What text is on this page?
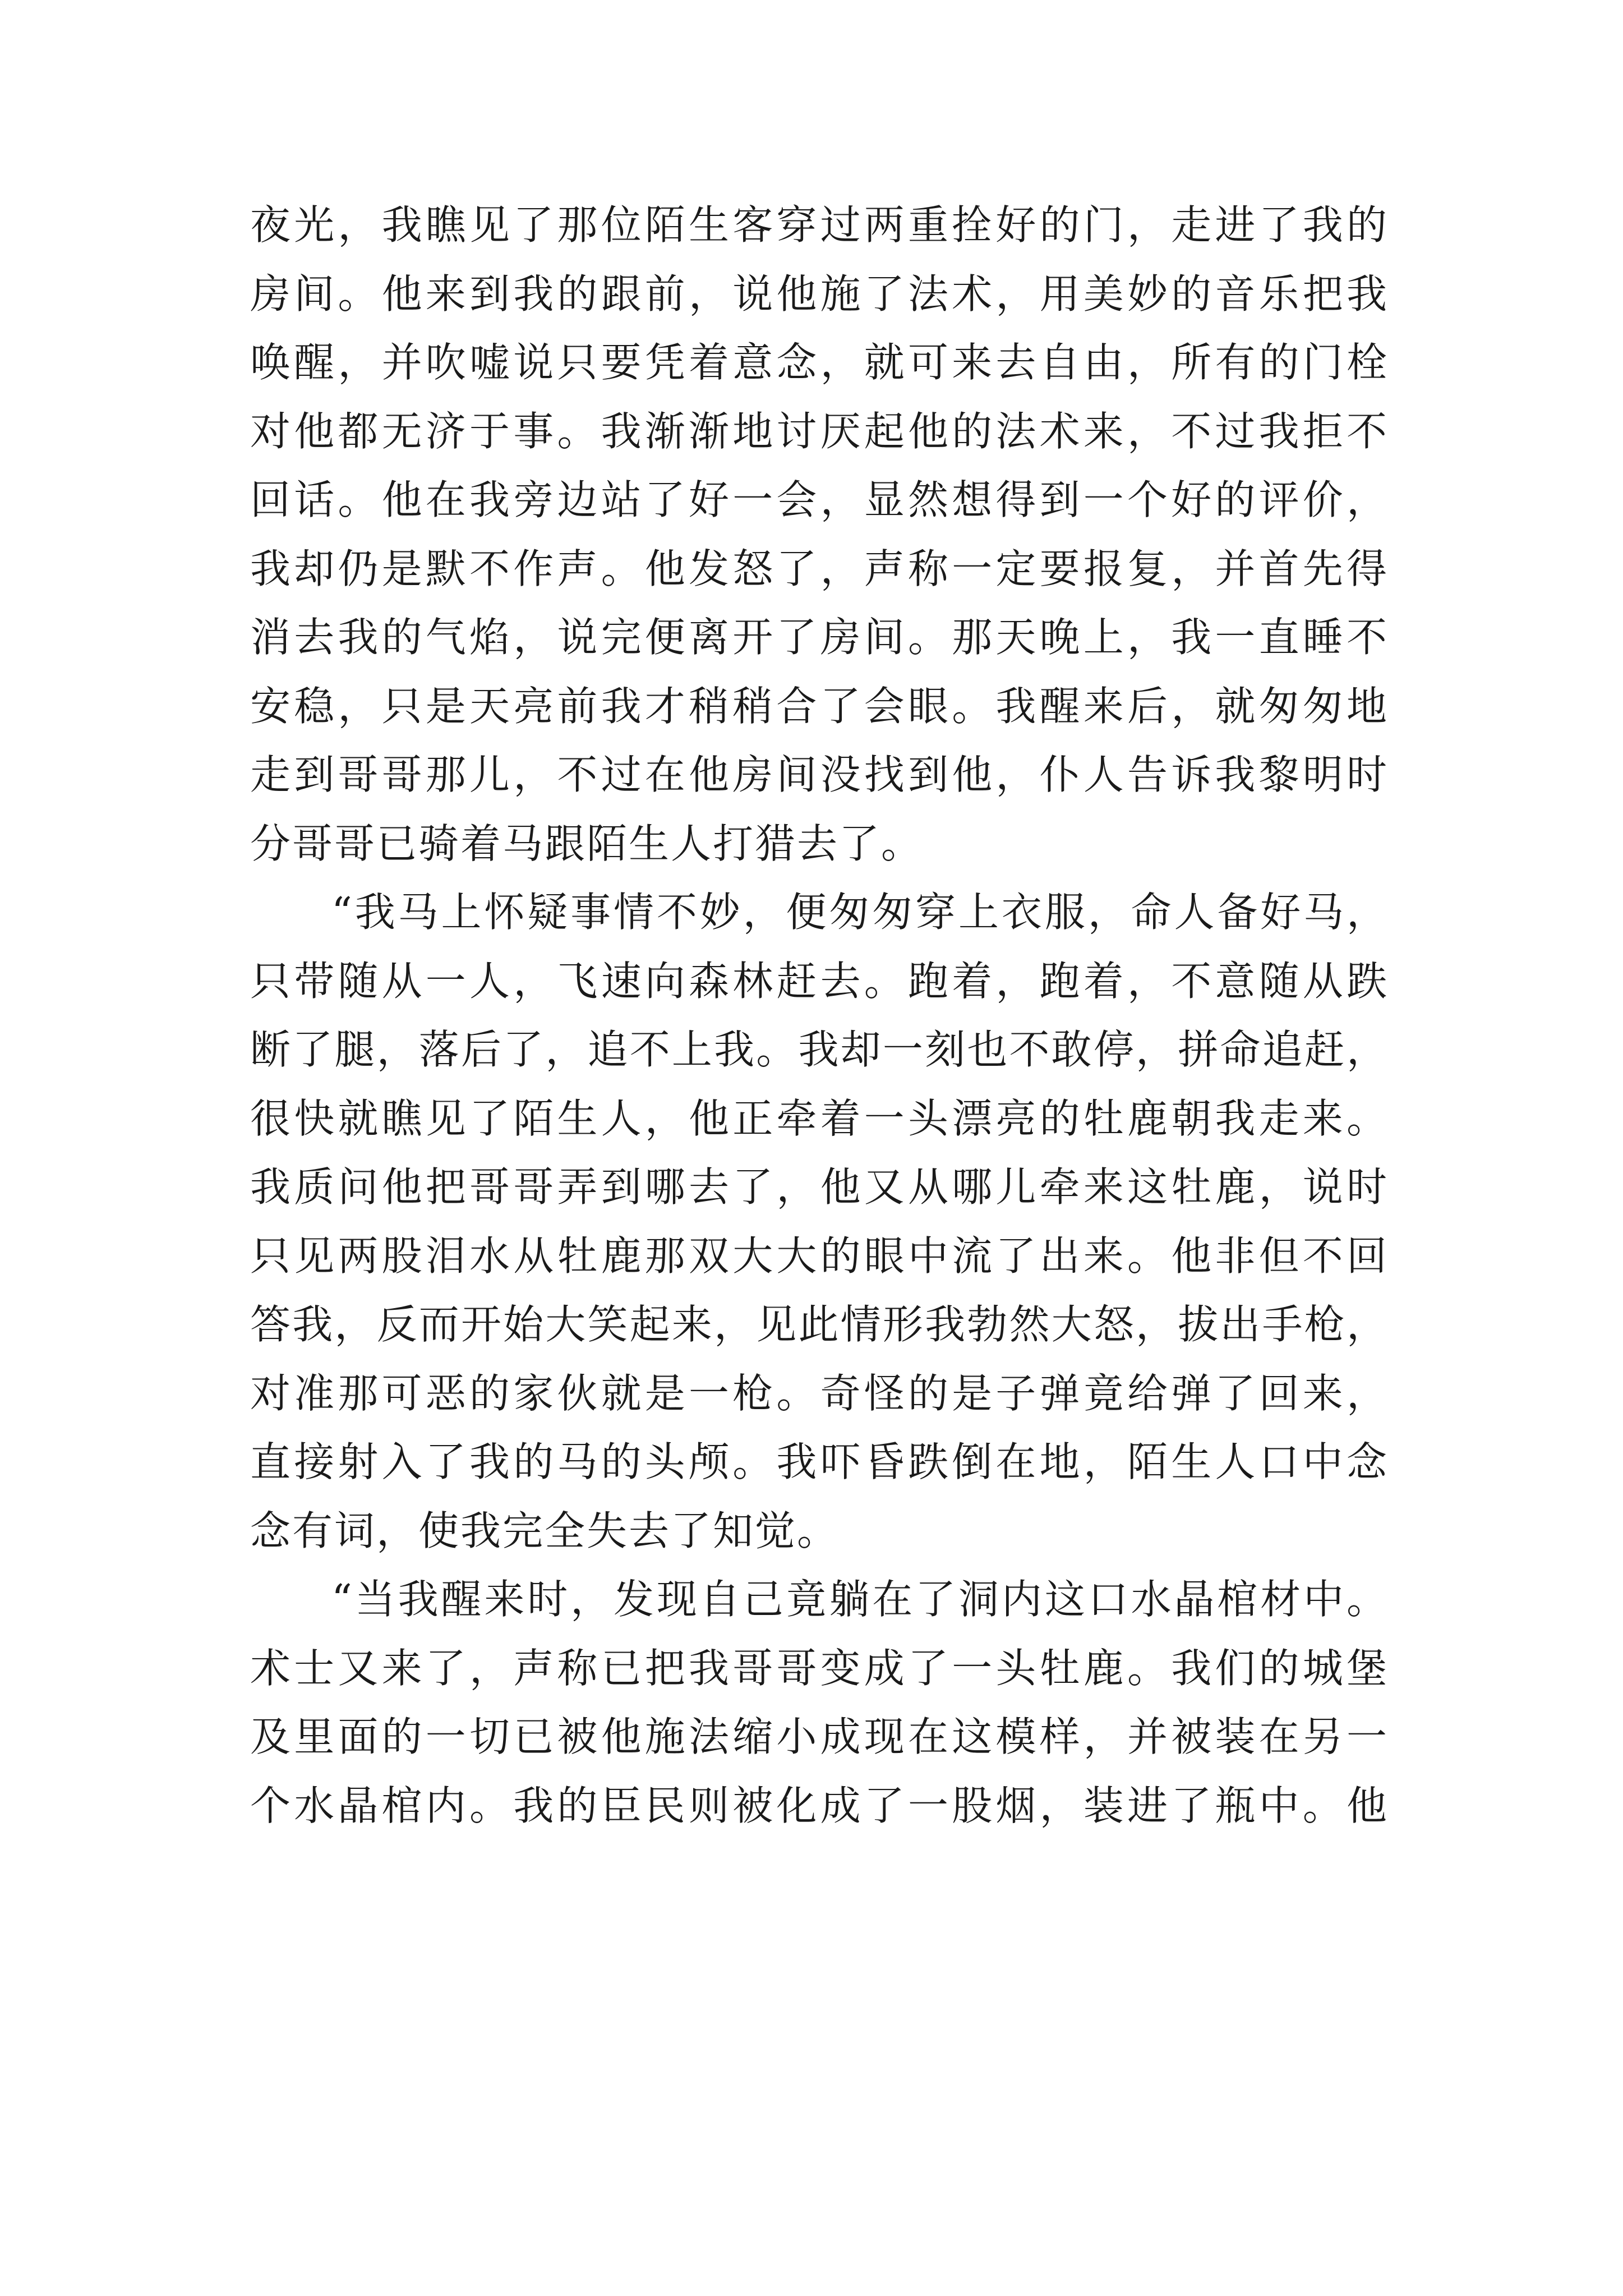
夜光，我瞧见了那位陌生客穿过两重拴好的门，走进了我的
房间。他来到我的跟前，说他施了法术，用美妙的音乐把我
唤醒，并吹嘘说只要凭着意念，就可来去自由，所有的门栓
对他都无济于事。我渐渐地讨厌起他的法术来，不过我拒不
回话。他在我旁边站了好一会，显然想得到一个好的评价，
我却仍是默不作声。他发怒了，声称一定要报复，并首先得
消去我的气焰，说完便离开了房间。那天晚上，我一直睡不
安稳，只是天亮前我才稍稍合了会眼。我醒来后，就匆匆地
走到哥哥那儿，不过在他房间没找到他，仆人告诉我黎明时
分哥哥已骑着马跟陌生人打猎去了。
“我马上怀疑事情不妙，便匆匆穿上衣服，命人备好马，
只带随从一人，飞速向森林赶去。跑着，跑着，不意随从跌
断了腿，落后了，追不上我。我却一刻也不敢停，拼命追赶，
很快就瞧见了陌生人，他正牵着一头漂亮的牡鹿朝我走来。
我质问他把哥哥弄到哪去了，他又从哪儿牵来这牡鹿，说时
只见两股泪水从牡鹿那双大大的眼中流了出来。他非但不回
答我，反而开始大笑起来，见此情形我勃然大怒，拔出手枪，
对准那可恶的家伙就是一枪。奇怪的是子弹竟给弹了回来，
直接射入了我的马的头颅。我吓昏跌倒在地，陌生人口中念
念有词，使我完全失去了知觉。
“当我醒来时，发现自己竟躺在了洞内这口水晶棺材中。
术士又来了，声称已把我哥哥变成了一头牡鹿。我们的城堡
及里面的一切已被他施法缩小成现在这模样，并被装在另一
个水晶棺内。我的臣民则被化成了一股烟，装进了瓶中。他
